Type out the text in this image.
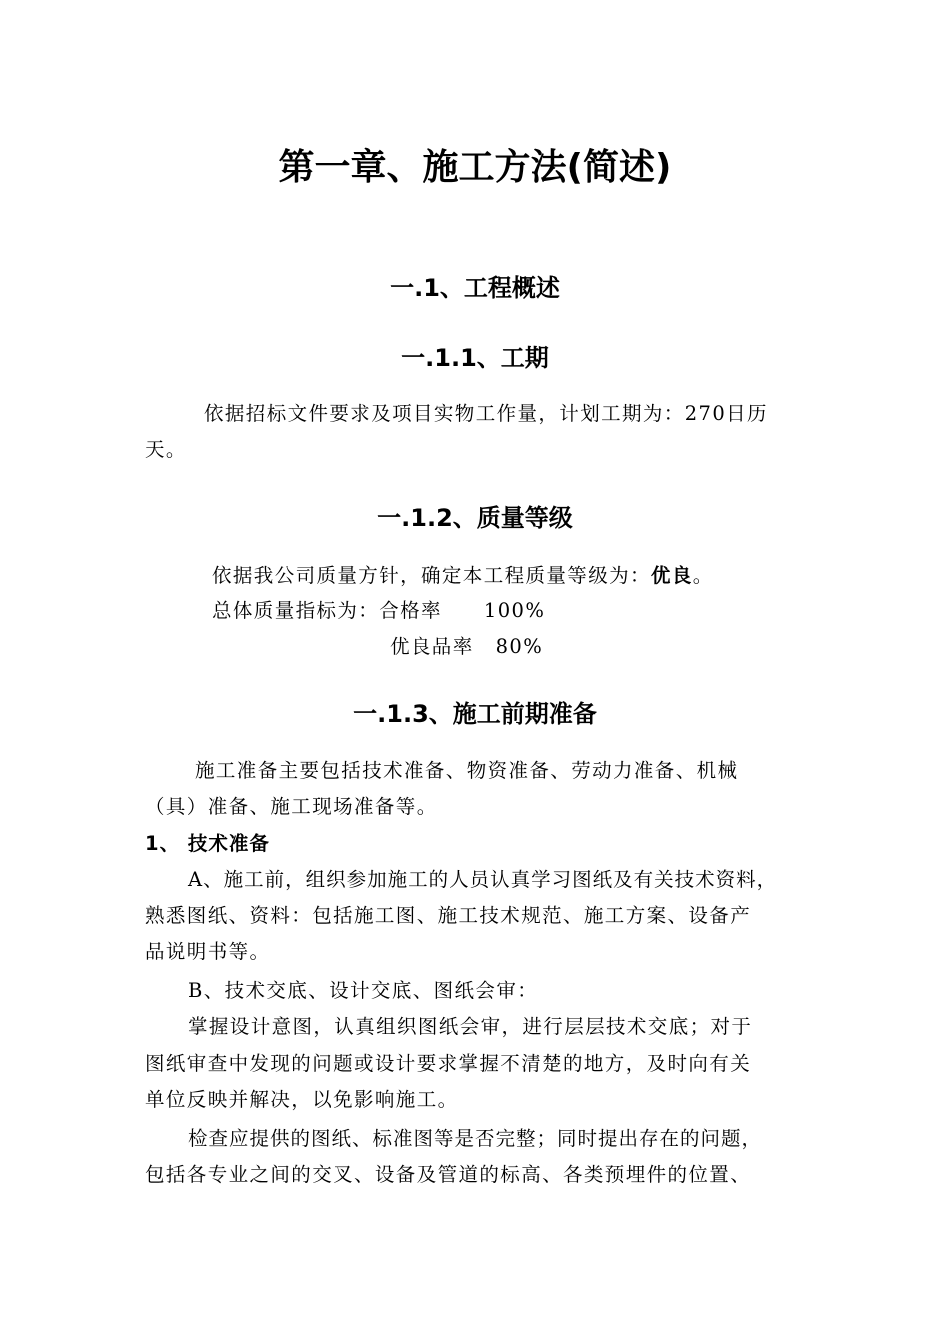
第一章、施工方法(简述)
一.1、工程概述
一.1.1、工期
依据招标文件要求及项目实物工作量，计划工期为：270日历
天。
一.1.2、质量等级
依据我公司质量方针，确定本工程质量等级为：优良。
总体质量指标为：合格率 100%
优良品率 80%
一.1.3、施工前期准备
施工准备主要包括技术准备、物资准备、劳动力准备、机械
（具）准备、施工现场准备等。
1、 技术准备
A、施工前，组织参加施工的人员认真学习图纸及有关技术资料，
熟悉图纸、资料：包括施工图、施工技术规范、施工方案、设备产
品说明书等。
B、技术交底、设计交底、图纸会审：
掌握设计意图，认真组织图纸会审，进行层层技术交底；对于
图纸审查中发现的问题或设计要求掌握不清楚的地方，及时向有关
单位反映并解决，以免影响施工。
检查应提供的图纸、标准图等是否完整；同时提出存在的问题，
包括各专业之间的交叉、设备及管道的标高、各类预埋件的位置、
